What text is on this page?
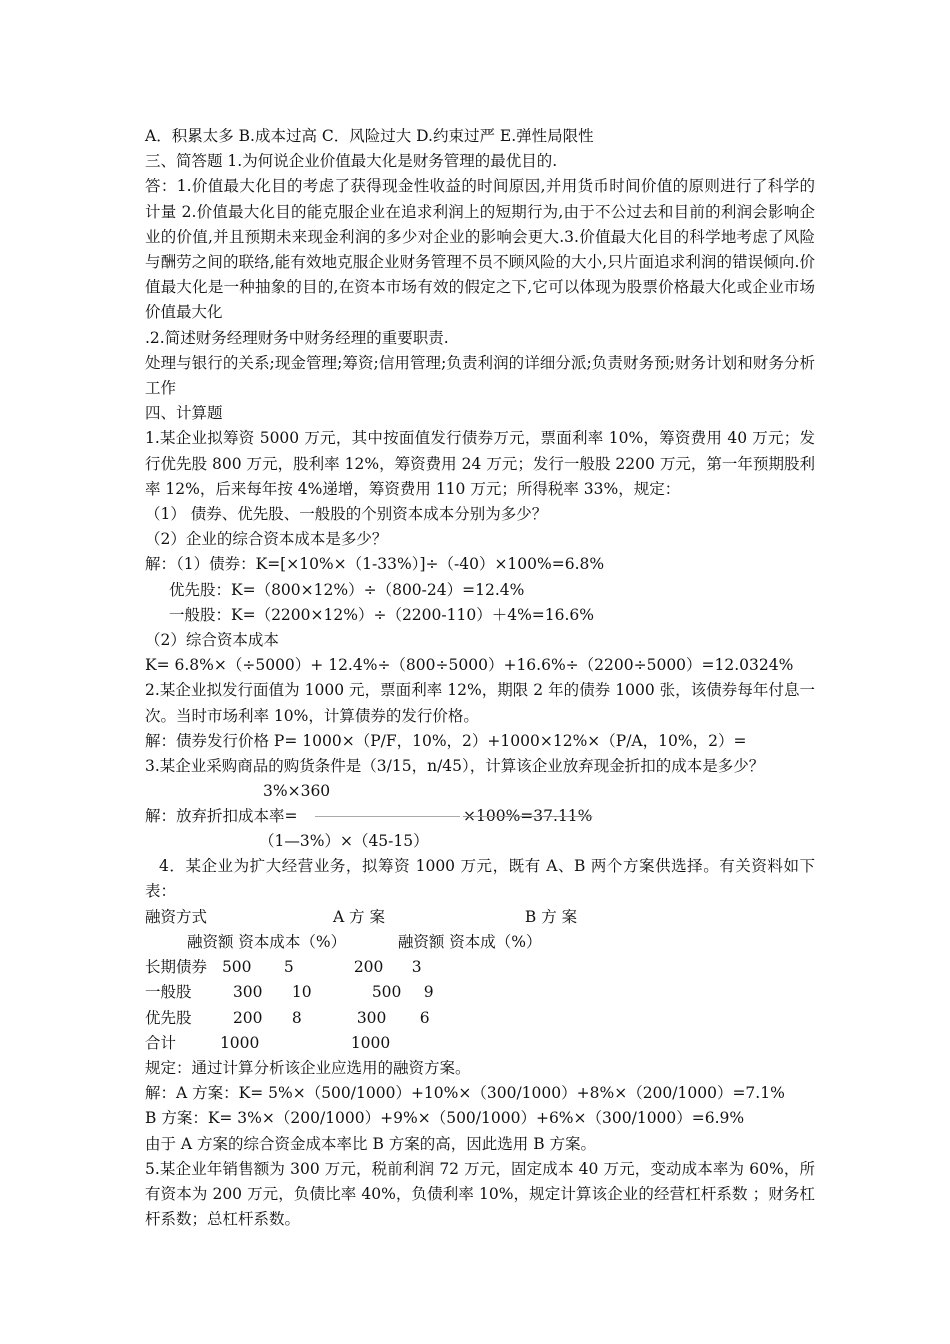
A．积累太多 B.成本过高 C．风险过大 D.约束过严 E.弹性局限性
三、简答题 1.为何说企业价值最大化是财务管理的最优目的.
答：1.价值最大化目的考虑了获得现金性收益的时间原因,并用货币时间价值的原则进行了科学的计量 2.价值最大化目的能克服企业在追求利润上的短期行为,由于不公过去和目前的利润会影响企业的价值,并且预期未来现金利润的多少对企业的影响会更大.3.价值最大化目的科学地考虑了风险与酬劳之间的联络,能有效地克服企业财务管理不员不顾风险的大小,只片面追求利润的错误倾向.价值最大化是一种抽象的目的,在资本市场有效的假定之下,它可以体现为股票价格最大化或企业市场价值最大化
.2.简述财务经理财务中财务经理的重要职责.
处理与银行的关系;现金管理;筹资;信用管理;负责利润的详细分派;负责财务预;财务计划和财务分析工作
四、计算题
1.某企业拟筹资 5000 万元，其中按面值发行债券万元，票面利率 10%，筹资费用 40 万元；发行优先股 800 万元，股利率 12%，筹资费用 24 万元；发行一般股 2200 万元，第一年预期股利率 12%，后来每年按 4%递增，筹资费用 110 万元；所得税率 33%，规定：
（1） 债券、优先股、一般股的个别资本成本分别为多少？
（2）企业的综合资本成本是多少？
解：（1）债券：K=[×10%×（1-33%）]÷（-40）×100%=6.8%
优先股：K=（800×12%）÷（800-24）=12.4%
一般股：K=（2200×12%）÷（2200-110）＋4%=16.6%
（2）综合资本成本
K= 6.8%×（÷5000）+ 12.4%÷（800÷5000）+16.6%÷（2200÷5000）=12.0324%
2.某企业拟发行面值为 1000 元，票面利率 12%，期限 2 年的债券 1000 张，该债券每年付息一次。当时市场利率 10%，计算债券的发行价格。
解：债券发行价格 P= 1000×（P/F，10%，2）+1000×12%×（P/A，10%，2）=
3.某企业采购商品的购货条件是（3/15，n/45），计算该企业放弃现金折扣的成本是多少？
3%×360
解：放弃折扣成本率=	×100%=37.11%
（1—3%）×（45-15）
4．某企业为扩大经营业务，拟筹资 1000 万元，既有 A、B 两个方案供选择。有关资料如下表：
融资方式	A 方 案	B 方 案
融资额 资本成本（%）	融资额 资本成（%）
长期债券 500 5	200 3
一般股	300 10	500 9
优先股	200 8	300 6
合计	1000	1000
规定：通过计算分析该企业应选用的融资方案。
解：A 方案：K= 5%×（500/1000）+10%×（300/1000）+8%×（200/1000）=7.1%
B 方案：K= 3%×（200/1000）+9%×（500/1000）+6%×（300/1000）=6.9%
由于 A 方案的综合资金成本率比 B 方案的高，因此选用 B 方案。
5.某企业年销售额为 300 万元，税前利润 72 万元，固定成本 40 万元，变动成本率为 60%，所有资本为 200 万元，负债比率 40%，负债利率 10%，规定计算该企业的经营杠杆系数 ；财务杠杆系数；总杠杆系数。
